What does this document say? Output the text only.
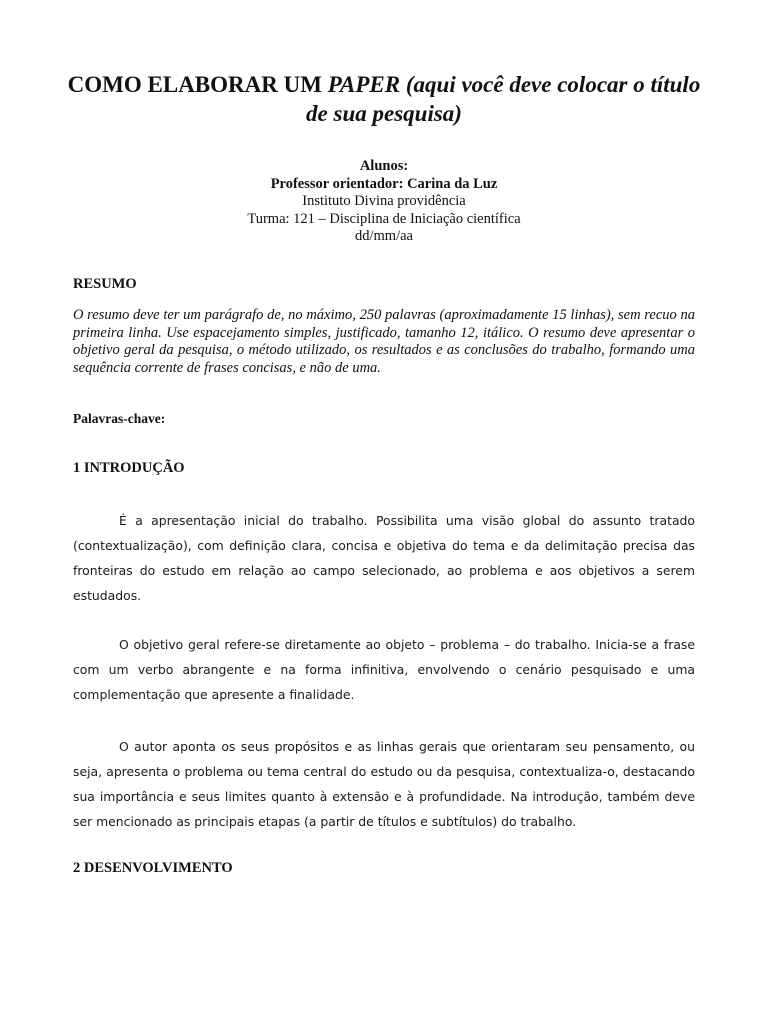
COMO ELABORAR UM PAPER (aqui você deve colocar o título de sua pesquisa)
Alunos:
Professor orientador: Carina da Luz
Instituto Divina providência
Turma: 121 – Disciplina de Iniciação científica
dd/mm/aa
RESUMO
O resumo deve ter um parágrafo de, no máximo, 250 palavras (aproximadamente 15 linhas), sem recuo na primeira linha. Use espacejamento simples, justificado, tamanho 12, itálico. O resumo deve apresentar o objetivo geral da pesquisa, o método utilizado, os resultados e as conclusões do trabalho, formando uma sequência corrente de frases concisas, e não de uma.
Palavras-chave:
1 INTRODUÇÃO
É a apresentação inicial do trabalho. Possibilita uma visão global do assunto tratado (contextualização), com definição clara, concisa e objetiva do tema e da delimitação precisa das fronteiras do estudo em relação ao campo selecionado, ao problema e aos objetivos a serem estudados.
O objetivo geral refere-se diretamente ao objeto – problema – do trabalho. Inicia-se a frase com um verbo abrangente e na forma infinitiva, envolvendo o cenário pesquisado e uma complementação que apresente a finalidade.
O autor aponta os seus propósitos e as linhas gerais que orientaram seu pensamento, ou seja, apresenta o problema ou tema central do estudo ou da pesquisa, contextualiza-o, destacando sua importância e seus limites quanto à extensão e à profundidade. Na introdução, também deve ser mencionado as principais etapas (a partir de títulos e subtítulos) do trabalho.
2 DESENVOLVIMENTO
